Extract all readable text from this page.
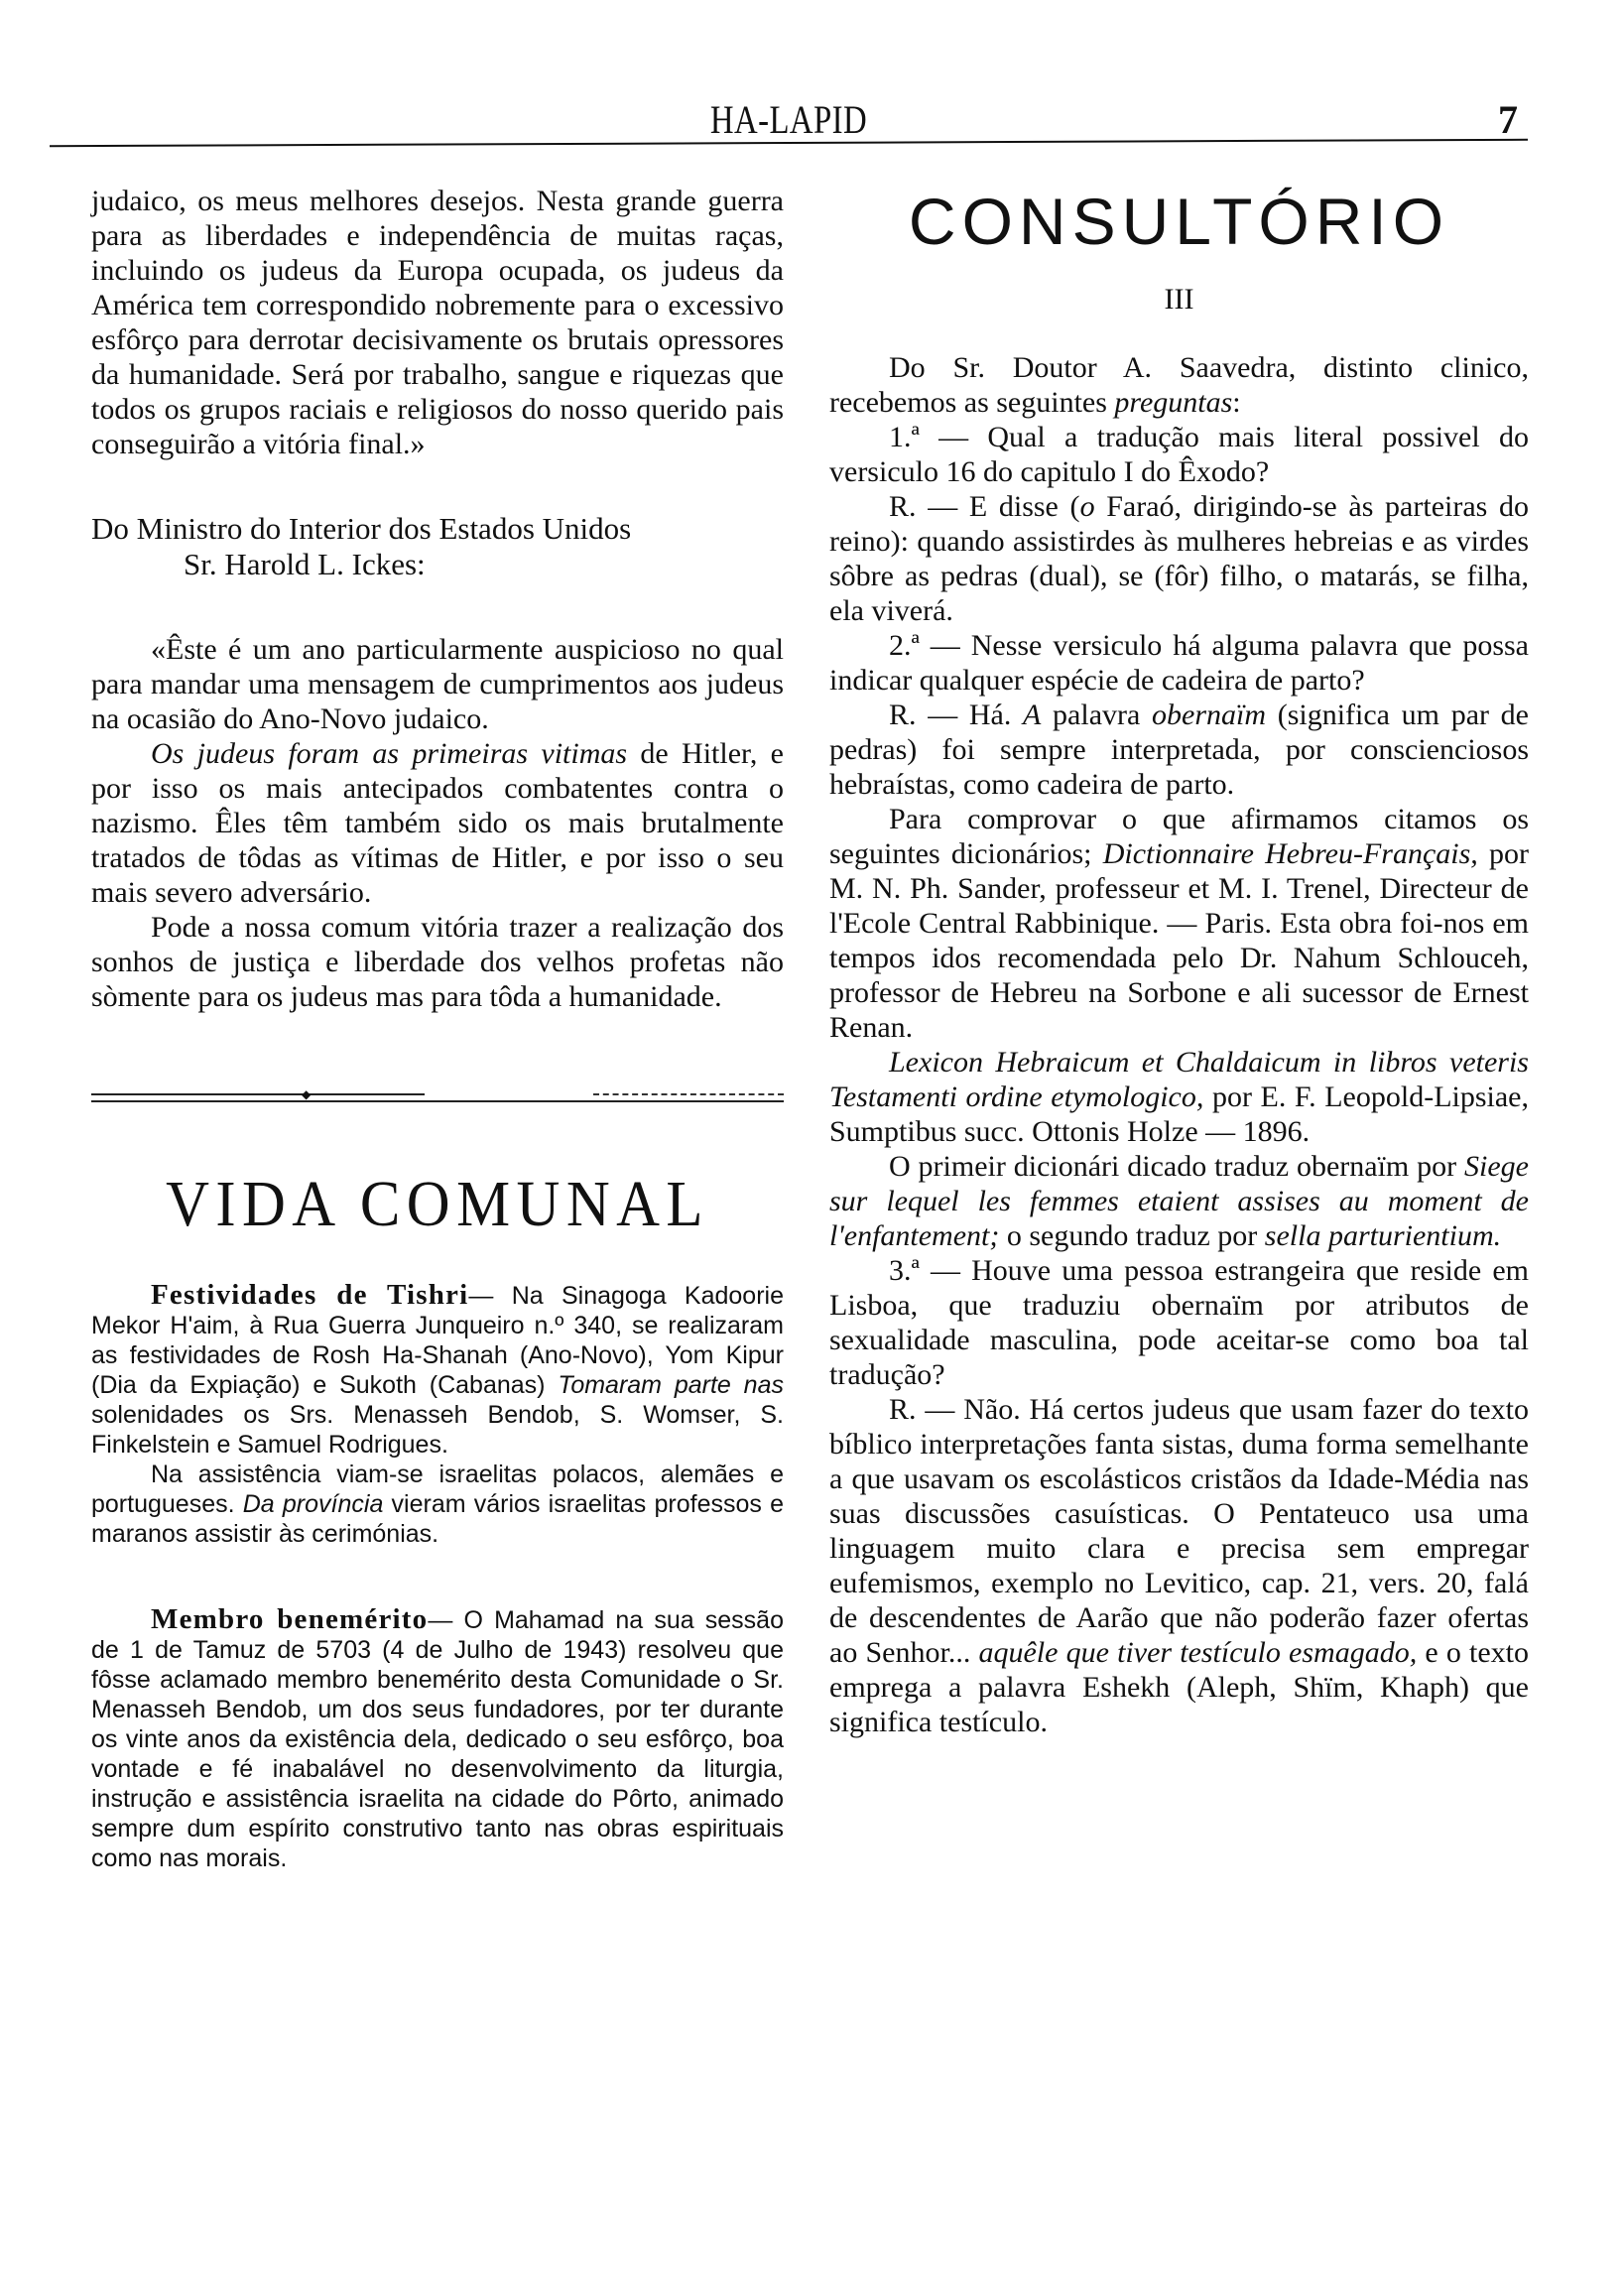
HA-LAPID	7

judaico, os meus melhores desejos. Nesta grande guerra para as liberdades e independência de muitas raças, incluindo os judeus da Europa ocupada, os judeus da América tem correspondido nobremente para o excessivo esfôrço para derrotar decisivamente os brutais opressores da humanidade. Será por trabalho, sangue e riquezas que todos os grupos raciais e religiosos do nosso querido pais conseguirão a vitória final.»

Do Ministro do Interior dos Estados Unidos
Sr. Harold L. Ickes:

«Êste é um ano particularmente auspicioso no qual para mandar uma mensagem de cumprimentos aos judeus na ocasião do Ano-Novo judaico.

Os judeus foram as primeiras vitimas de Hitler, e por isso os mais antecipados combatentes contra o nazismo. Êles têm também sido os mais brutalmente tratados de tôdas as vítimas de Hitler, e por isso o seu mais severo adversário.

Pode a nossa comum vitória trazer a realização dos sonhos de justiça e liberdade dos velhos profetas não sòmente para os judeus mas para tôda a humanidade.

◆
VIDA COMUNAL

Festividades de Tishri— Na Sinagoga Kadoorie Mekor H'aim, à Rua Guerra Junqueiro n.º 340, se realizaram as festividades de Rosh Ha-Shanah (Ano-Novo), Yom Kipur (Dia da Expiação) e Sukoth (Cabanas) Tomaram parte nas solenidades os Srs. Menasseh Bendob, S. Womser, S. Finkelstein e Samuel Rodrigues.

Na assistência viam-se israelitas polacos, alemães e portugueses. Da província vieram vários israelitas professos e maranos assistir às cerimónias.

Membro benemérito— O Mahamad na sua sessão de 1 de Tamuz de 5703 (4 de Julho de 1943) resolveu que fôsse aclamado membro benemérito desta Comunidade o Sr. Menasseh Bendob, um dos seus fundadores, por ter durante os vinte anos da existência dela, dedicado o seu esfôrço, boa vontade e fé inabalável no desenvolvimento da liturgia, instrução e assistência israelita na cidade do Pôrto, animado sempre dum espírito construtivo tanto nas obras espirituais como nas morais.

CONSULTÓRIO
III

Do Sr. Doutor A. Saavedra, distinto clinico, recebemos as seguintes preguntas:

1.ª — Qual a tradução mais literal possivel do versiculo 16 do capitulo I do Êxodo?

R. — E disse (o Faraó, dirigindo-se às parteiras do reino): quando assistirdes às mulheres hebreias e as virdes sôbre as pedras (dual), se (fôr) filho, o matarás, se filha, ela viverá.

2.ª — Nesse versiculo há alguma palavra que possa indicar qualquer espécie de cadeira de parto?

R. — Há. A palavra obernaïm (significa um par de pedras) foi sempre interpretada, por conscienciosos hebraístas, como cadeira de parto.

Para comprovar o que afirmamos citamos os seguintes dicionários; Dictionnaire Hebreu-Français, por M. N. Ph. Sander, professeur et M. I. Trenel, Directeur de l'Ecole Central Rabbinique. — Paris. Esta obra foi-nos em tempos idos recomendada pelo Dr. Nahum Schlouceh, professor de Hebreu na Sorbone e ali sucessor de Ernest Renan.

Lexicon Hebraicum et Chaldaicum in libros veteris Testamenti ordine etymologico, por E. F. Leopold-Lipsiae, Sumptibus succ. Ottonis Holze — 1896.

O primeir dicionári dicado traduz obernaïm por Siege sur lequel les femmes etaient assises au moment de l'enfantement; o segundo traduz por sella parturientium.

3.ª — Houve uma pessoa estrangeira que reside em Lisboa, que traduziu obernaïm por atributos de sexualidade masculina, pode aceitar-se como boa tal tradução?

R. — Não. Há certos judeus que usam fazer do texto bíblico interpretações fanta sistas, duma forma semelhante a que usavam os escolásticos cristãos da Idade-Média nas suas discussões casuísticas. O Pentateuco usa uma linguagem muito clara e precisa sem empregar eufemismos, exemplo no Levitico, cap. 21, vers. 20, falá de descendentes de Aarão que não poderão fazer ofertas ao Senhor... aquêle que tiver testículo esmagado, e o texto emprega a palavra Eshekh (Aleph, Shïm, Khaph) que significa testículo.
